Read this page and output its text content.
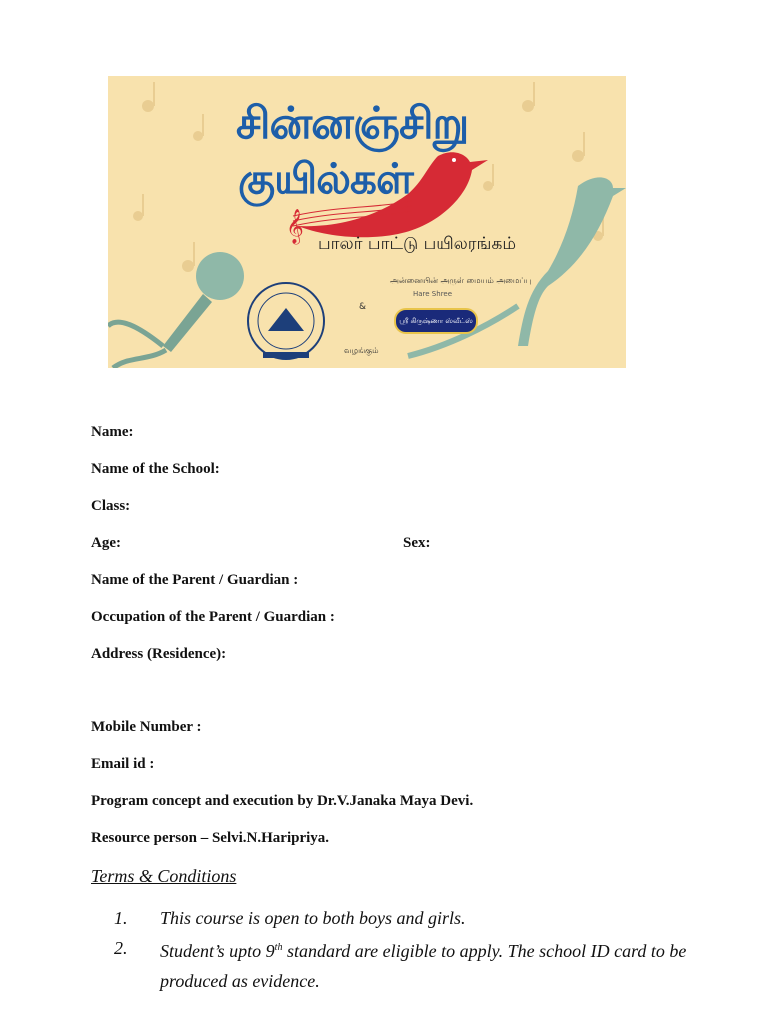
𝄞
சின்னஞ்சிறு
குயில்கள்
பாலர் பாட்டு பயிலரங்கம்
அன்னையின் அருள் மையம் அமைப்பு
Hare Shree
&
ஸ்ரீ கிருஷ்ணா ஸ்வீட்ஸ்
வழங்கும்
Name:
Name of the School:
Class:
Age:	Sex:
Name of the Parent / Guardian :
Occupation of the Parent / Guardian :
Address (Residence):
Mobile Number :
Email id :
Program concept and execution by Dr.V.Janaka Maya Devi.
Resource person – Selvi.N.Haripriya.
Terms & Conditions
1. This course is open to both boys and girls.
2. Student’s upto 9th standard are eligible to apply. The school ID card to be produced as evidence.
